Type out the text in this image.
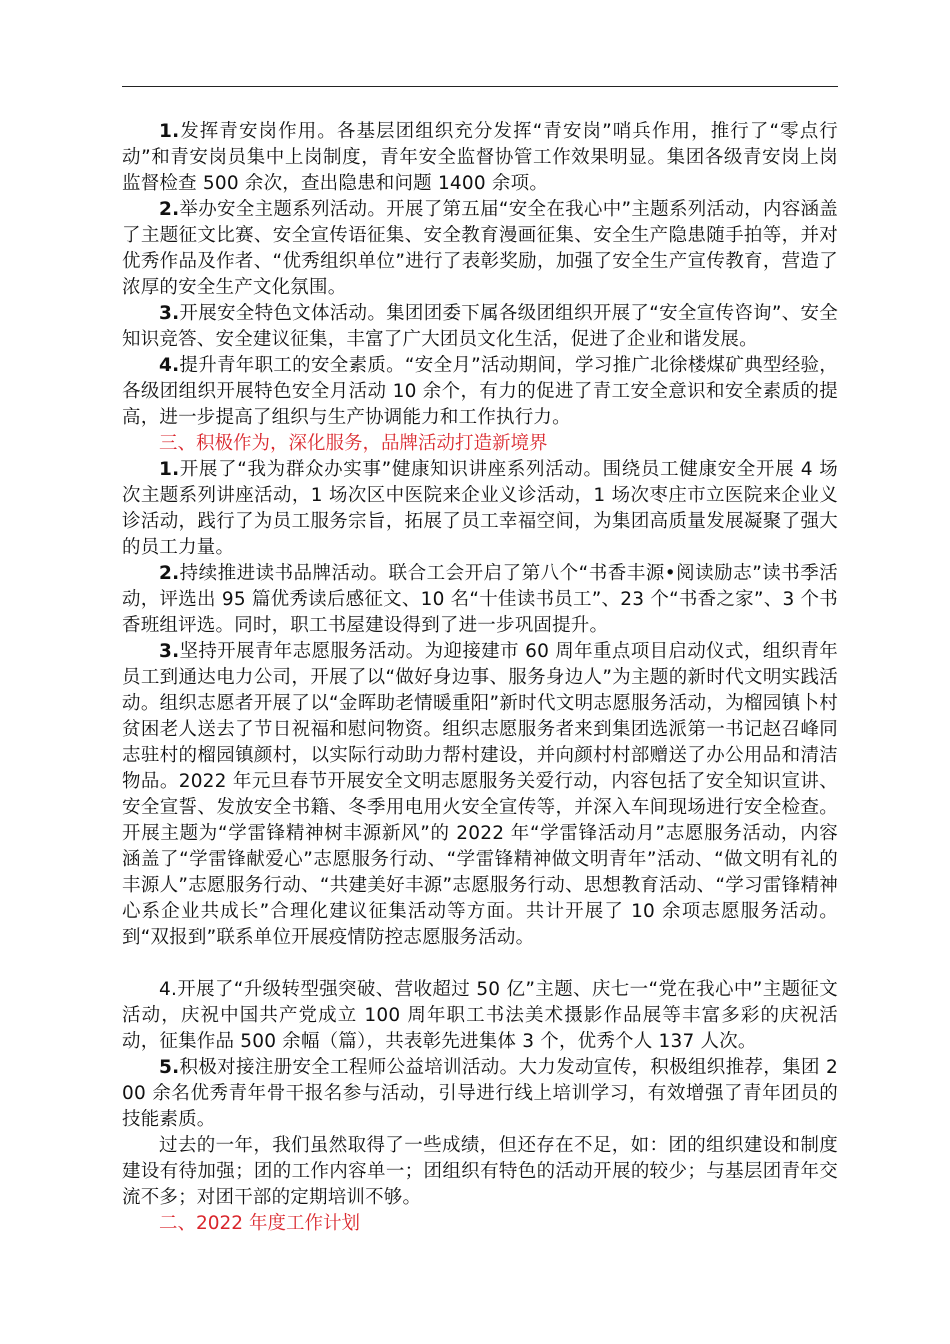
1.发挥青安岗作用。各基层团组织充分发挥“青安岗”哨兵作用，推行了“零点行动”和青安岗员集中上岗制度，青年安全监督协管工作效果明显。集团各级青安岗上岗监督检查 500 余次，查出隐患和问题 1400 余项。

2.举办安全主题系列活动。开展了第五届“安全在我心中”主题系列活动，内容涵盖了主题征文比赛、安全宣传语征集、安全教育漫画征集、安全生产隐患随手拍等，并对优秀作品及作者、“优秀组织单位”进行了表彰奖励，加强了安全生产宣传教育，营造了浓厚的安全生产文化氛围。

3.开展安全特色文体活动。集团团委下属各级团组织开展了“安全宣传咨询”、安全知识竞答、安全建议征集，丰富了广大团员文化生活，促进了企业和谐发展。

4.提升青年职工的安全素质。“安全月”活动期间，学习推广北徐楼煤矿典型经验，各级团组织开展特色安全月活动 10 余个，有力的促进了青工安全意识和安全素质的提高，进一步提高了组织与生产协调能力和工作执行力。

三、积极作为，深化服务，品牌活动打造新境界

1.开展了“我为群众办实事”健康知识讲座系列活动。围绕员工健康安全开展 4 场次主题系列讲座活动，1 场次区中医院来企业义诊活动，1 场次枣庄市立医院来企业义诊活动，践行了为员工服务宗旨，拓展了员工幸福空间，为集团高质量发展凝聚了强大的员工力量。

2.持续推进读书品牌活动。联合工会开启了第八个“书香丰源•阅读励志”读书季活动，评选出 95 篇优秀读后感征文、10 名“十佳读书员工”、23 个“书香之家”、3 个书香班组评选。同时，职工书屋建设得到了进一步巩固提升。

3.坚持开展青年志愿服务活动。为迎接建市 60 周年重点项目启动仪式，组织青年员工到通达电力公司，开展了以“做好身边事、服务身边人”为主题的新时代文明实践活动。组织志愿者开展了以“金晖助老情暖重阳”新时代文明志愿服务活动，为榴园镇卜村贫困老人送去了节日祝福和慰问物资。组织志愿服务者来到集团选派第一书记赵召峰同志驻村的榴园镇颜村，以实际行动助力帮村建设，并向颜村村部赠送了办公用品和清洁物品。2022 年元旦春节开展安全文明志愿服务关爱行动，内容包括了安全知识宣讲、安全宣誓、发放安全书籍、冬季用电用火安全宣传等，并深入车间现场进行安全检查。开展主题为“学雷锋精神树丰源新风”的 2022 年“学雷锋活动月”志愿服务活动，内容涵盖了“学雷锋献爱心”志愿服务行动、“学雷锋精神做文明青年”活动、“做文明有礼的丰源人”志愿服务行动、“共建美好丰源”志愿服务行动、思想教育活动、“学习雷锋精神心系企业共成长”合理化建议征集活动等方面。共计开展了 10 余项志愿服务活动。到“双报到”联系单位开展疫情防控志愿服务活动。

4.开展了“升级转型强突破、营收超过 50 亿”主题、庆七一“党在我心中”主题征文活动，庆祝中国共产党成立 100 周年职工书法美术摄影作品展等丰富多彩的庆祝活动，征集作品 500 余幅（篇），共表彰先进集体 3 个，优秀个人 137 人次。

5.积极对接注册安全工程师公益培训活动。大力发动宣传，积极组织推荐，集团 200 余名优秀青年骨干报名参与活动，引导进行线上培训学习，有效增强了青年团员的技能素质。

过去的一年，我们虽然取得了一些成绩，但还存在不足，如：团的组织建设和制度建设有待加强；团的工作内容单一；团组织有特色的活动开展的较少；与基层团青年交流不多；对团干部的定期培训不够。

二、2022 年度工作计划
